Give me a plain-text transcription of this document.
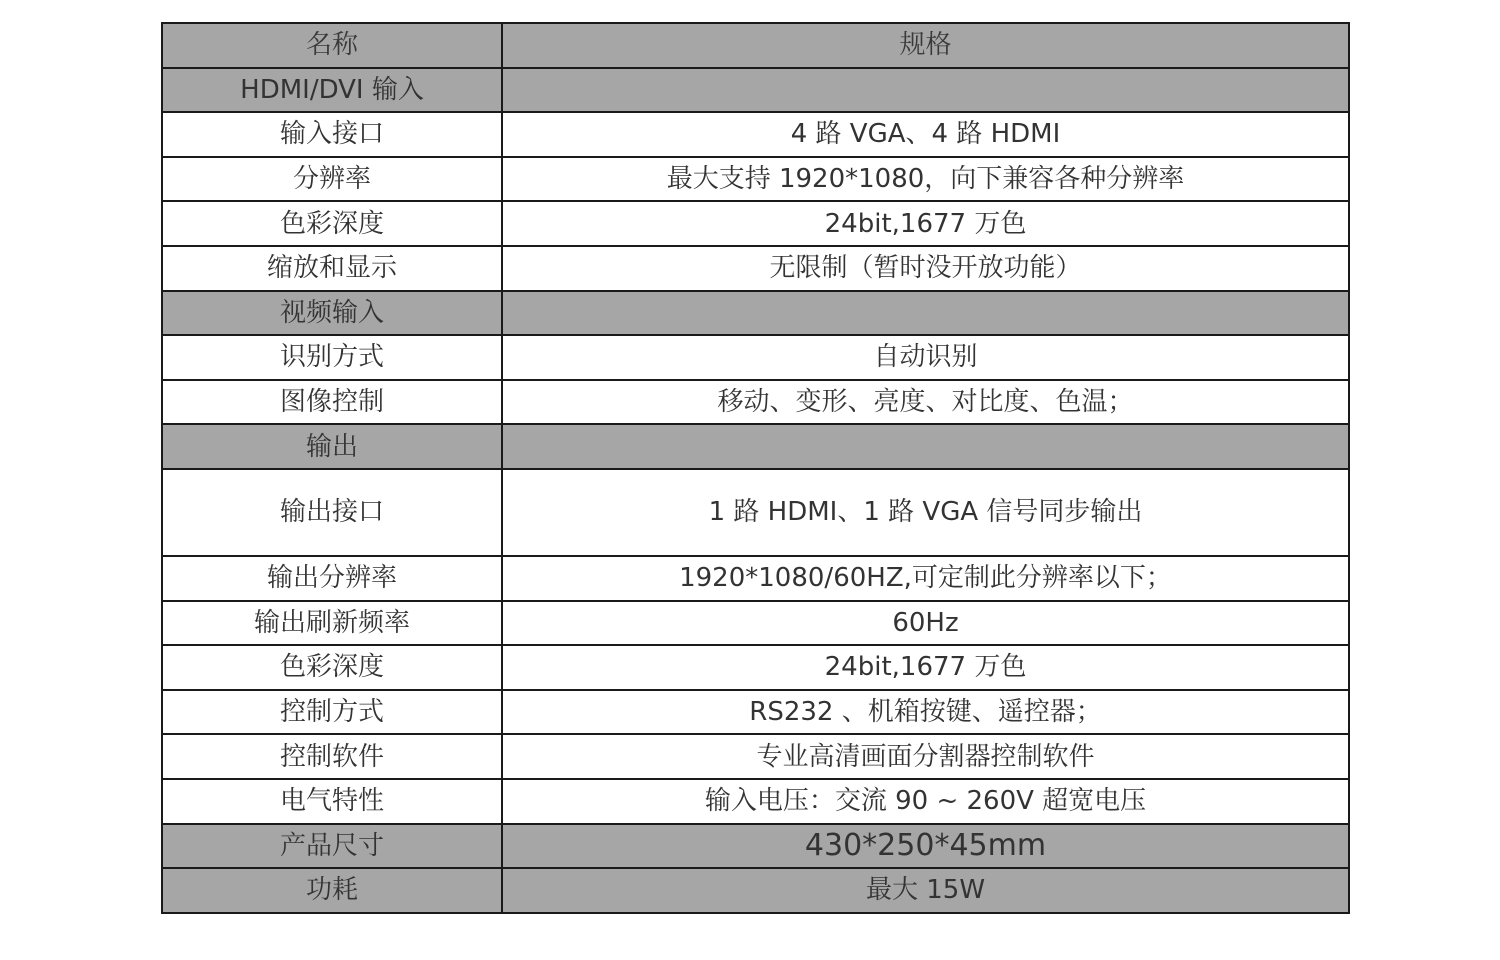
名称	规格
HDMI/DVI 输入	
输入接口	4 路 VGA、4 路 HDMI
分辨率	最大支持 1920*1080，向下兼容各种分辨率
色彩深度	24bit,1677 万色
缩放和显示	无限制（暂时没开放功能）
视频输入	
识别方式	自动识别
图像控制	移动、变形、亮度、对比度、色温；
输出	
输出接口	1 路 HDMI、1 路 VGA 信号同步输出
输出分辨率	1920*1080/60HZ,可定制此分辨率以下；
输出刷新频率	60Hz
色彩深度	24bit,1677 万色
控制方式	RS232 、机箱按键、遥控器；
控制软件	专业高清画面分割器控制软件
电气特性	输入电压：交流 90 ~ 260V 超宽电压
产品尺寸	430*250*45mm
功耗	最大 15W
